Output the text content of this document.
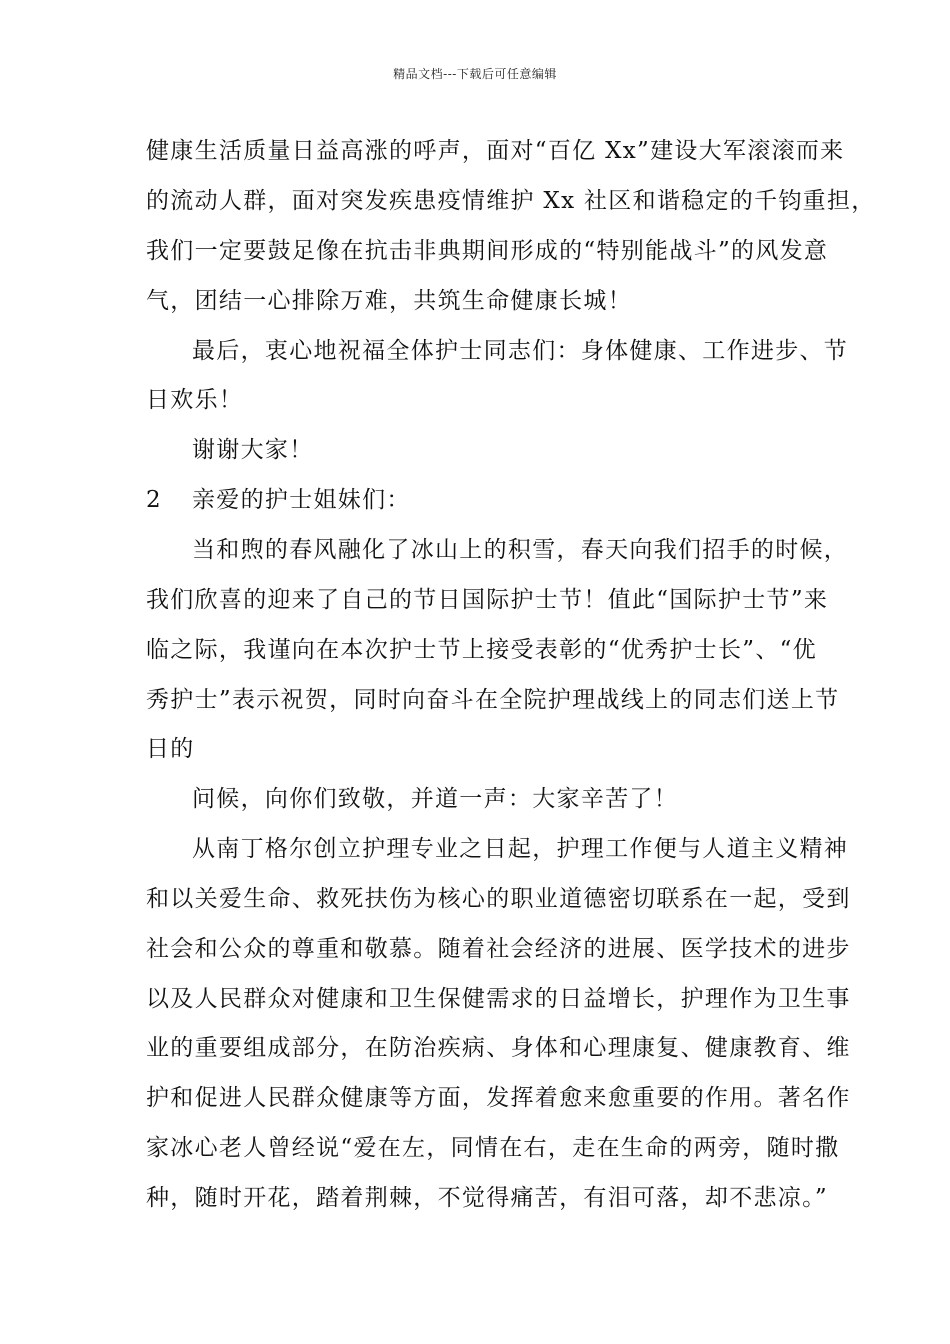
精品文档---下载后可任意编辑
健康生活质量日益高涨的呼声，面对“百亿 Xx”建设大军滚滚而来
的流动人群，面对突发疾患疫情维护 Xx 社区和谐稳定的千钧重担，
我们一定要鼓足像在抗击非典期间形成的“特别能战斗”的风发意
气，团结一心排除万难，共筑生命健康长城！
最后，衷心地祝福全体护士同志们：身体健康、工作进步、节
日欢乐！
谢谢大家！
2 亲爱的护士姐妹们：
当和煦的春风融化了冰山上的积雪，春天向我们招手的时候，
我们欣喜的迎来了自己的节日国际护士节！值此“国际护士节”来
临之际，我谨向在本次护士节上接受表彰的“优秀护士长”、“优
秀护士”表示祝贺，同时向奋斗在全院护理战线上的同志们送上节
日的
问候，向你们致敬，并道一声：大家辛苦了！
从南丁格尔创立护理专业之日起，护理工作便与人道主义精神
和以关爱生命、救死扶伤为核心的职业道德密切联系在一起，受到
社会和公众的尊重和敬慕。随着社会经济的进展、医学技术的进步
以及人民群众对健康和卫生保健需求的日益增长，护理作为卫生事
业的重要组成部分，在防治疾病、身体和心理康复、健康教育、维
护和促进人民群众健康等方面，发挥着愈来愈重要的作用。著名作
家冰心老人曾经说“爱在左，同情在右，走在生命的两旁，随时撒
种，随时开花，踏着荆棘，不觉得痛苦，有泪可落，却不悲凉。”
